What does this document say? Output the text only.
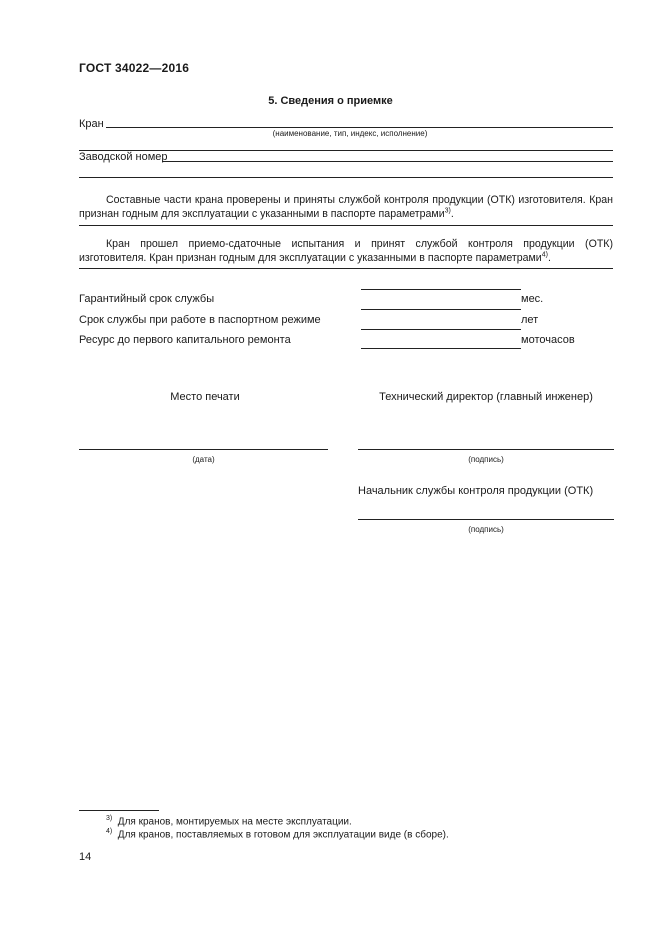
ГОСТ 34022—2016
5. Сведения о приемке
Кран
(наименование, тип, индекс, исполнение)
Заводской номер
Составные части крана проверены и приняты службой контроля продукции (ОТК) изготовителя. Кран признан годным для эксплуатации с указанными в паспорте параметрами$^{3)}$.
Кран прошел приемо-сдаточные испытания и принят службой контроля продукции (ОТК) изготовителя. Кран признан годным для эксплуатации с указанными в паспорте параметрами$^{4)}$.
Гарантийный срок службы	мес.
Срок службы при работе в паспортном режиме	лет
Ресурс до первого капитального ремонта	моточасов
Место печати	Технический директор (главный инженер)
(дата)	(подпись)
Начальник службы контроля продукции (ОТК)
(подпись)
$^{3)}$ Для кранов, монтируемых на месте эксплуатации.
$^{4)}$ Для кранов, поставляемых в готовом для эксплуатации виде (в сборе).
14
